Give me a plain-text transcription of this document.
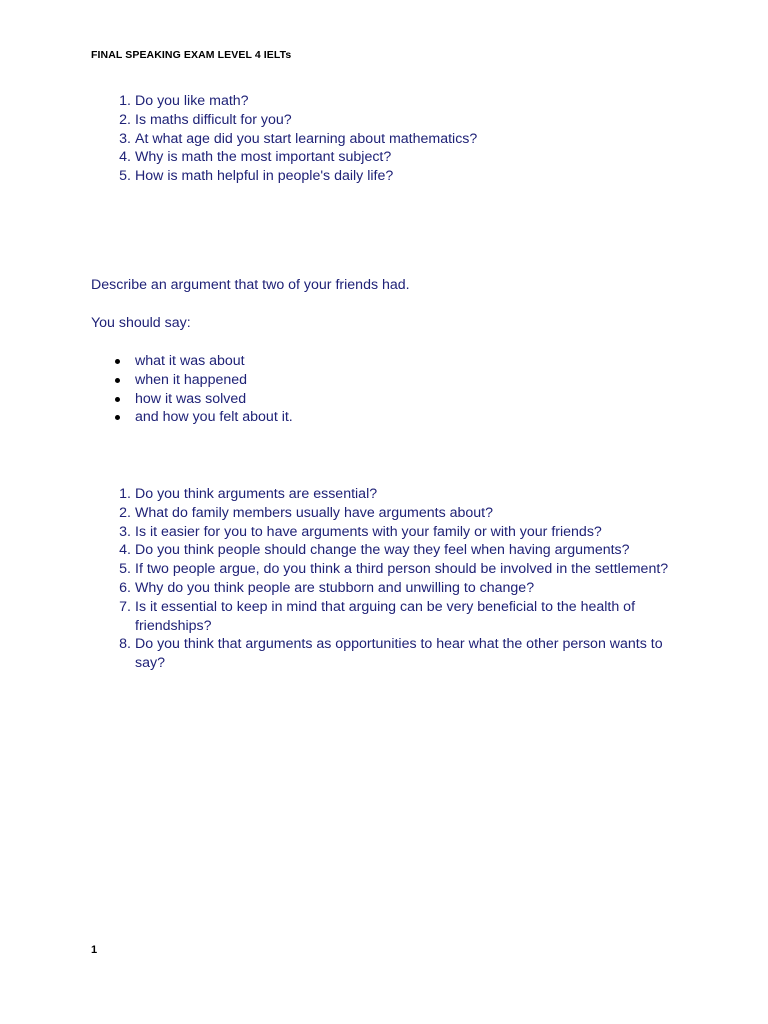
FINAL SPEAKING EXAM LEVEL 4 IELTs
1. Do you like math?
2. Is maths difficult for you?
3. At what age did you start learning about mathematics?
4. Why is math the most important subject?
5. How is math helpful in people's daily life?
Describe an argument that two of your friends had.
You should say:
what it was about
when it happened
how it was solved
and how you felt about it.
1. Do you think arguments are essential?
2. What do family members usually have arguments about?
3. Is it easier for you to have arguments with your family or with your friends?
4. Do you think people should change the way they feel when having arguments?
5. If two people argue, do you think a third person should be involved in the settlement?
6. Why do you think people are stubborn and unwilling to change?
7. Is it essential to keep in mind that arguing can be very beneficial to the health of friendships?
8. Do you think that arguments as opportunities to hear what the other person wants to say?
1
